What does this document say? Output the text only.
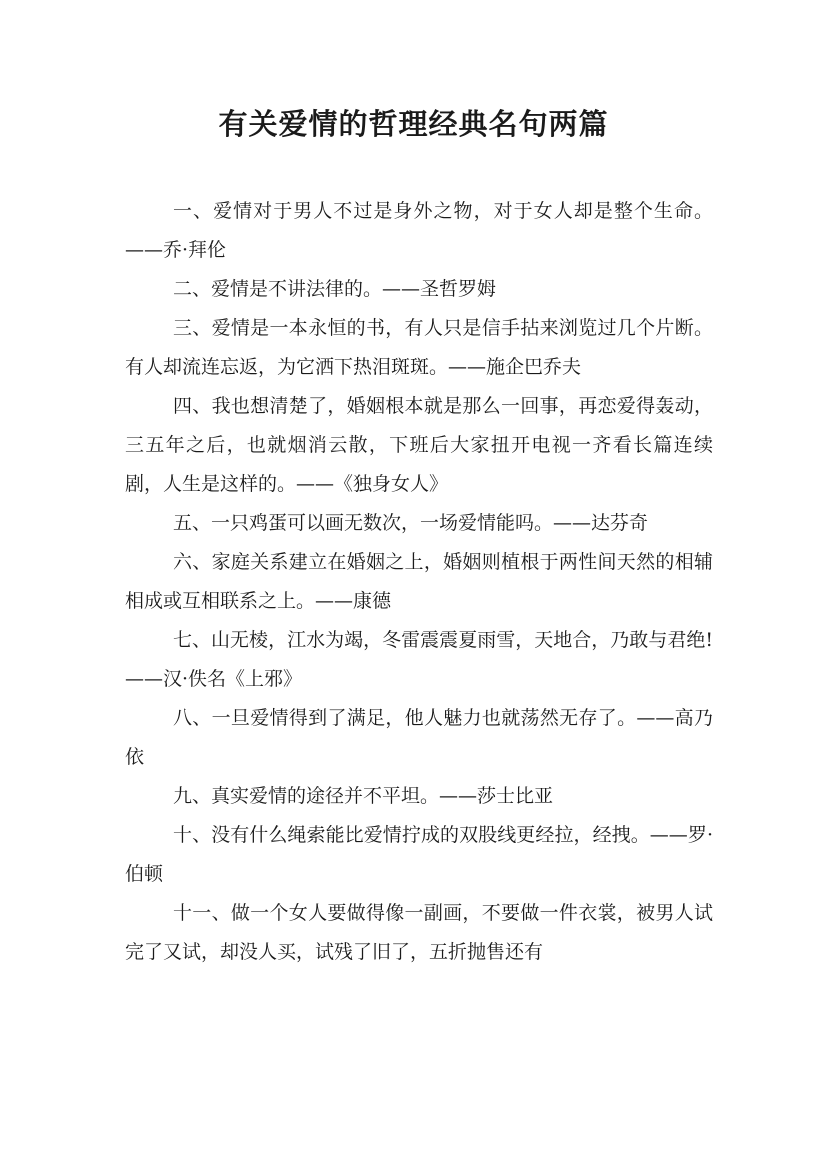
有关爱情的哲理经典名句两篇

一、爱情对于男人不过是身外之物，对于女人却是整个生命。——乔·拜伦

二、爱情是不讲法律的。——圣哲罗姆

三、爱情是一本永恒的书，有人只是信手拈来浏览过几个片断。有人却流连忘返，为它洒下热泪斑斑。——施企巴乔夫

四、我也想清楚了，婚姻根本就是那么一回事，再恋爱得轰动，三五年之后，也就烟消云散，下班后大家扭开电视一齐看长篇连续剧，人生是这样的。——《独身女人》

五、一只鸡蛋可以画无数次，一场爱情能吗。——达芬奇

六、家庭关系建立在婚姻之上，婚姻则植根于两性间天然的相辅相成或互相联系之上。——康德

七、山无棱，江水为竭，冬雷震震夏雨雪，天地合，乃敢与君绝!——汉·佚名《上邪》

八、一旦爱情得到了满足，他人魅力也就荡然无存了。——高乃依

九、真实爱情的途径并不平坦。——莎士比亚

十、没有什么绳索能比爱情拧成的双股线更经拉，经拽。——罗·伯顿

十一、做一个女人要做得像一副画，不要做一件衣裳，被男人试完了又试，却没人买，试残了旧了，五折抛售还有
